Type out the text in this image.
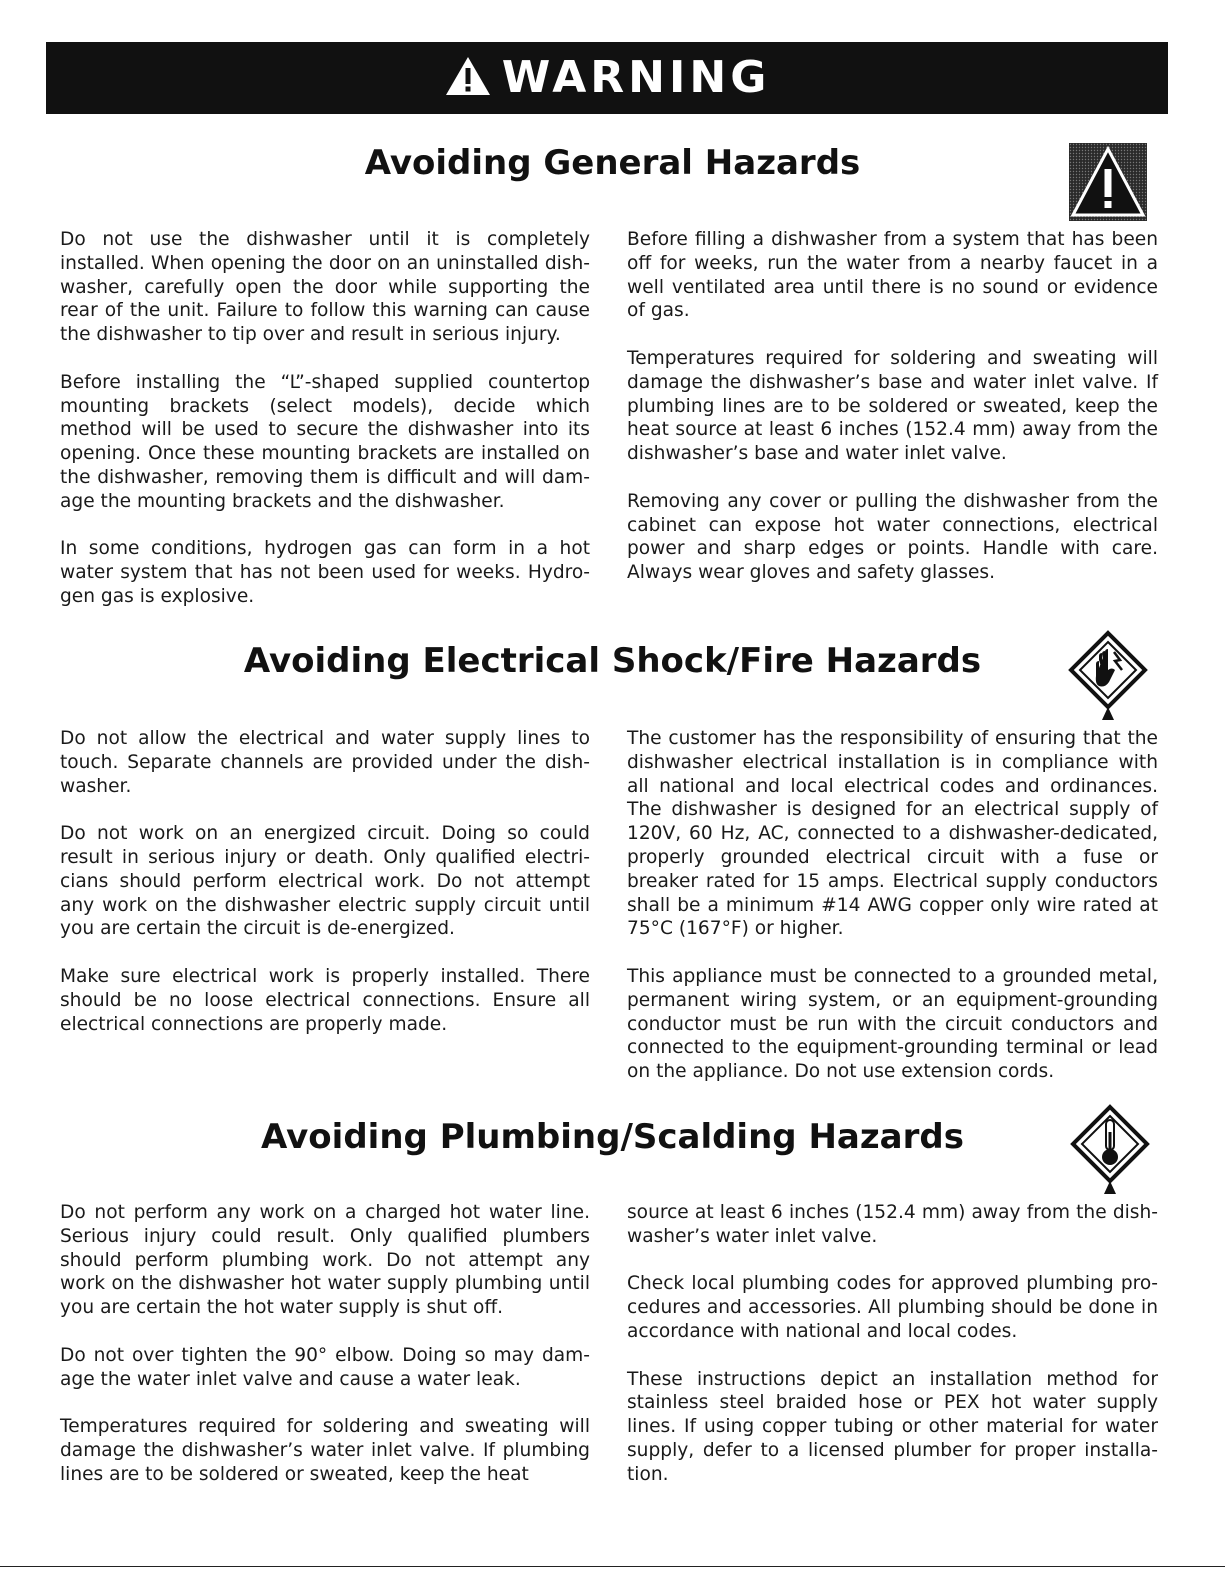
WARNING
Avoiding General Hazards

Do not use the dishwasher until it is completely installed. When opening the door on an uninstalled dishwasher, carefully open the door while supporting the rear of the unit. Failure to follow this warning can cause the dishwasher to tip over and result in serious injury.

Before installing the “L”-shaped supplied countertop mounting brackets (select models), decide which method will be used to secure the dishwasher into its opening. Once these mounting brackets are installed on the dishwasher, removing them is difficult and will damage the mounting brackets and the dishwasher.

In some conditions, hydrogen gas can form in a hot water system that has not been used for weeks. Hydrogen gas is explosive.

Before filling a dishwasher from a system that has been off for weeks, run the water from a nearby faucet in a well ventilated area until there is no sound or evidence of gas.

Temperatures required for soldering and sweating will damage the dishwasher’s base and water inlet valve. If plumbing lines are to be soldered or sweated, keep the heat source at least 6 inches (152.4 mm) away from the dishwasher’s base and water inlet valve.

Removing any cover or pulling the dishwasher from the cabinet can expose hot water connections, electrical power and sharp edges or points. Handle with care. Always wear gloves and safety glasses.

Avoiding Electrical Shock/Fire Hazards

Do not allow the electrical and water supply lines to touch. Separate channels are provided under the dishwasher.

Do not work on an energized circuit. Doing so could result in serious injury or death. Only qualified electricians should perform electrical work. Do not attempt any work on the dishwasher electric supply circuit until you are certain the circuit is de-energized.

Make sure electrical work is properly installed. There should be no loose electrical connections. Ensure all electrical connections are properly made.

The customer has the responsibility of ensuring that the dishwasher electrical installation is in compliance with all national and local electrical codes and ordinances. The dishwasher is designed for an electrical supply of 120V, 60 Hz, AC, connected to a dishwasher-dedicated, properly grounded electrical circuit with a fuse or breaker rated for 15 amps. Electrical supply conductors shall be a minimum #14 AWG copper only wire rated at 75°C (167°F) or higher.

This appliance must be connected to a grounded metal, permanent wiring system, or an equipment-grounding conductor must be run with the circuit conductors and connected to the equipment-grounding terminal or lead on the appliance. Do not use extension cords.

Avoiding Plumbing/Scalding Hazards

Do not perform any work on a charged hot water line. Serious injury could result. Only qualified plumbers should perform plumbing work. Do not attempt any work on the dishwasher hot water supply plumbing until you are certain the hot water supply is shut off.

Do not over tighten the 90° elbow. Doing so may damage the water inlet valve and cause a water leak.

Temperatures required for soldering and sweating will damage the dishwasher’s water inlet valve. If plumbing lines are to be soldered or sweated, keep the heat

source at least 6 inches (152.4 mm) away from the dishwasher’s water inlet valve.

Check local plumbing codes for approved plumbing procedures and accessories. All plumbing should be done in accordance with national and local codes.

These instructions depict an installation method for stainless steel braided hose or PEX hot water supply lines. If using copper tubing or other material for water supply, defer to a licensed plumber for proper installation.
